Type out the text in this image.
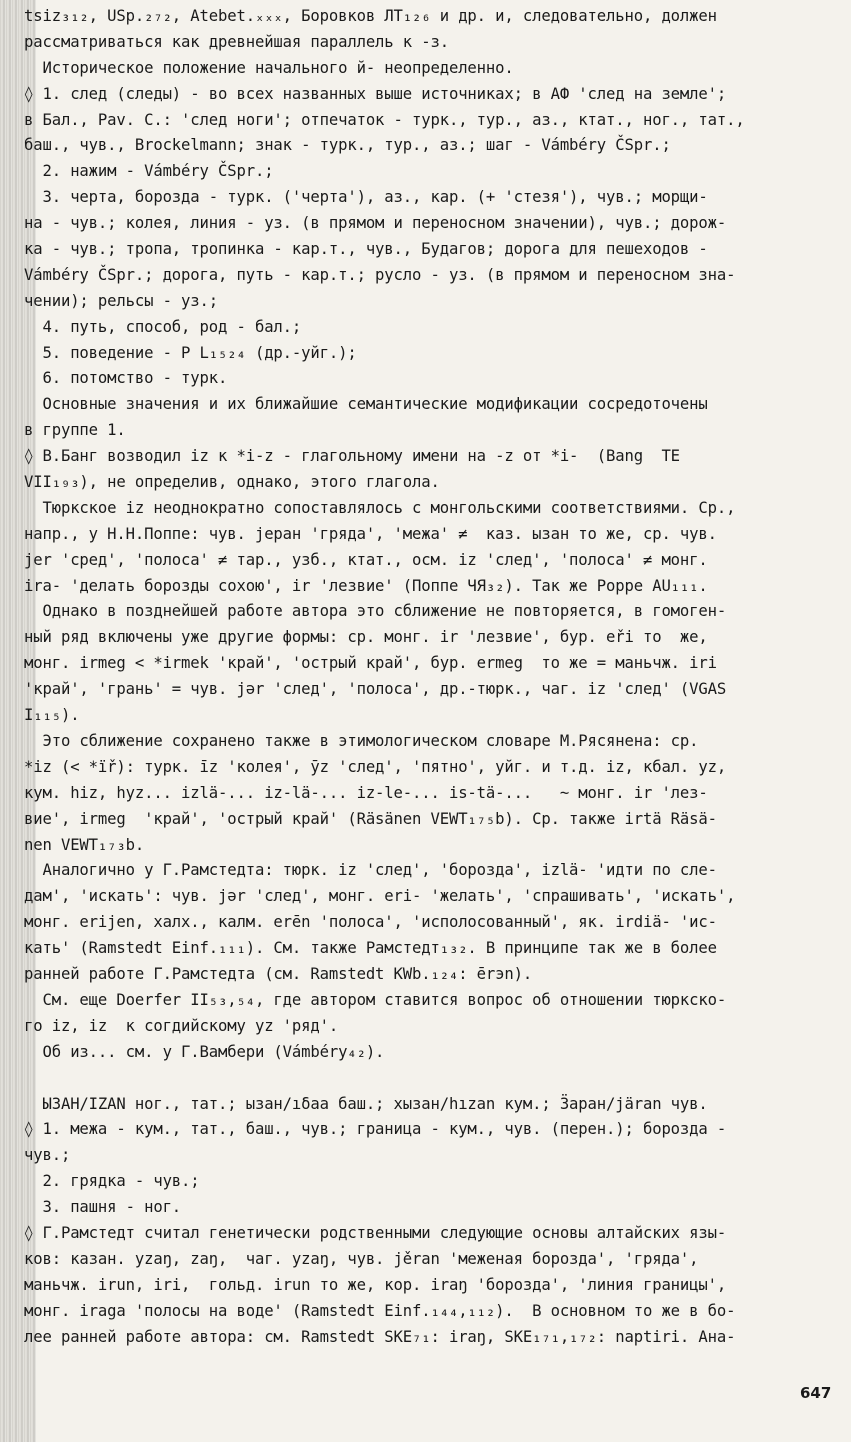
tsiz₃₁₂, USp.₂₇₂, Atebet.ₓₓₓ, Боровков ЛТ₁₂₆ и др. и, следовательно, должен
рассматриваться как древнейшая параллель к -з.
Историческое положение начального й- неопределенно.
◊ 1. след (следы) - во всех названных выше источниках; в АФ 'след на земле';
в Бал., Pav. C.: 'след ноги'; отпечаток - турк., тур., аз., ктат., ног., тат.,
баш., чув., Brockelmann; знак - турк., тур., аз.; шаг - Vámbéry ČSpr.;
2. нажим - Vámbéry ČSpr.;
3. черта, борозда - турк. ('черта'), аз., кар. (+ 'стезя'), чув.; морщи-
на - чув.; колея, линия - уз. (в прямом и переносном значении), чув.; дорож-
ка - чув.; тропа, тропинка - кар.т., чув., Будагов; дорога для пешеходов -
Vámbéry ČSpr.; дорога, путь - кар.т.; русло - уз. (в прямом и переносном зна-
чении); рельсы - уз.;
4. путь, способ, род - бал.;
5. поведение - Р L₁₅₂₄ (др.-уйг.);
6. потомство - турк.
Основные значения и их ближайшие семантические модификации сосредоточены
в группе 1.
◊ В.Банг возводил iz к *i-z - глагольному имени на -z от *i-  (Bang  TE
VII₁₉₃), не определив, однако, этого глагола.
Тюркское iz неоднократно сопоставлялось с монгольскими соответствиями. Ср.,
напр., у Н.Н.Поппе: чув. jeран 'гряда', 'межа' ≠  каз. ызан то же, ср. чув.
jer 'сред', 'полоса' ≠ тар., узб., ктат., осм. iz 'след', 'полоса' ≠ монг.
ira- 'делать борозды сохою', ir 'лезвие' (Поппе ЧЯ₃₂). Так же Poppe AU₁₁₁.
Однако в позднейшей работе автора это сближение не повторяется, в гомоген-
ный ряд включены уже другие формы: ср. монг. ir 'лезвие', бур. eři то  же,
монг. irmeg < *irmek 'край', 'острый край', бур. ermeg  то же = маньчж. iri
'край', 'грань' = чув. jər 'след', 'полоса', др.-тюрк., чаг. iz 'след' (VGAS
I₁₁₅).
Это сближение сохранено также в этимологическом словаре М.Рясянена: ср.
*iz (< *ïř): турк. īz 'колея', ȳz 'след', 'пятно', уйг. и т.д. iz, кбал. yz,
кум. hiz, hyz... izlä-... iz-lä-... iz-le-... is-tä-...   ~ монг. ir 'лез-
вие', irmeg  'край', 'острый край' (Räsänen VEWT₁₇₅b). Ср. также irtä Räsä-
nen VEWT₁₇₃b.
Аналогично у Г.Рамстедта: тюрк. iz 'след', 'борозда', izlä- 'идти по сле-
дам', 'искать': чув. jər 'след', монг. eri- 'желать', 'спрашивать', 'искать',
монг. erijen, халх., калм. erēn 'полоса', 'исполосованный', як. irdiä- 'ис-
кать' (Ramstedt Einf.₁₁₁). См. также Рамстедт₁₃₂. В принципе так же в более
ранней работе Г.Рамстедта (см. Ramstedt KWb.₁₂₄: ērэn).
См. еще Doerfer II₅₃,₅₄, где автором ставится вопрос об отношении тюркско-
го iz, iz  к согдийскому yz 'ряд'.
Об из... см. у Г.Вамбери (Vámbéry₄₂).
ЫЗАН/IZAN ног., тат.; ызан/ıδaa баш.; хызан/hızan кум.; Ӟаран/järan чув.
◊ 1. межа - кум., тат., баш., чув.; граница - кум., чув. (перен.); борозда -
чув.;
2. грядка - чув.;
3. пашня - ног.
◊ Г.Рамстедт считал генетически родственными следующие основы алтайских язы-
ков: казан. yzaŋ, zaŋ,  чаг. yzaŋ, чув. jěran 'меженая борозда', 'гряда',
маньчж. irun, iri,  гольд. irun то же, кор. iraŋ 'борозда', 'линия границы',
монг. iraga 'полосы на воде' (Ramstedt Einf.₁₄₄,₁₁₂).  В основном то же в бо-
лее ранней работе автора: см. Ramstedt SKE₇₁: iraŋ, SKE₁₇₁,₁₇₂: naptiri. Ана-
647
